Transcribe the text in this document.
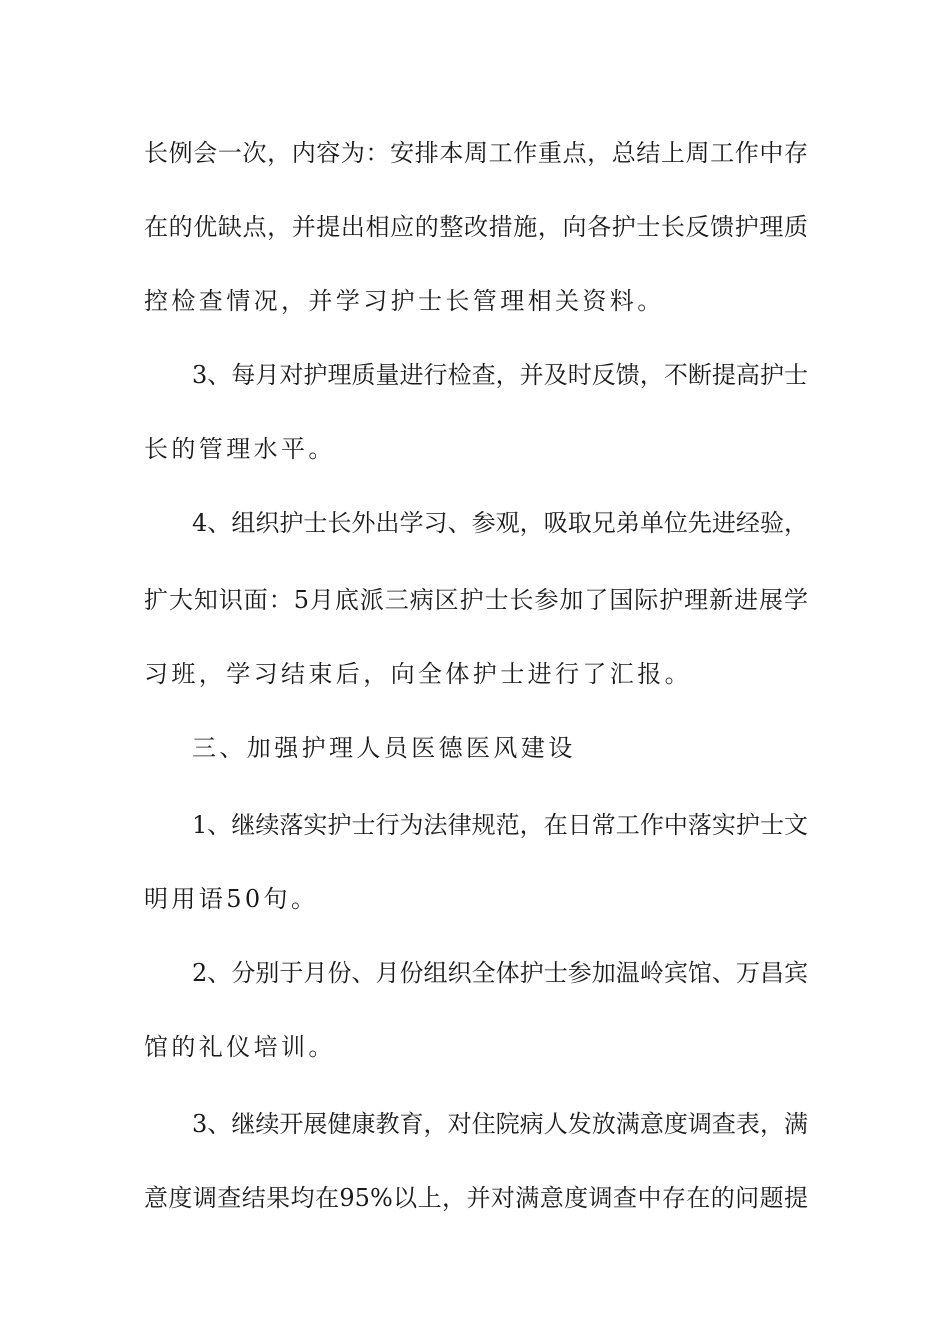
长例会一次，内容为：安排本周工作重点，总结上周工作中存
在的优缺点，并提出相应的整改措施，向各护士长反馈护理质
控检查情况，并学习护士长管理相关资料。
3、每月对护理质量进行检查，并及时反馈，不断提高护士
长的管理水平。
4、组织护士长外出学习、参观，吸取兄弟单位先进经验，
扩大知识面：5月底派三病区护士长参加了国际护理新进展学
习班，学习结束后，向全体护士进行了汇报。
三、加强护理人员医德医风建设
1、继续落实护士行为法律规范，在日常工作中落实护士文
明用语50句。
2、分别于月份、月份组织全体护士参加温岭宾馆、万昌宾
馆的礼仪培训。
3、继续开展健康教育，对住院病人发放满意度调查表，满
意度调查结果均在95%以上，并对满意度调查中存在的问题提
